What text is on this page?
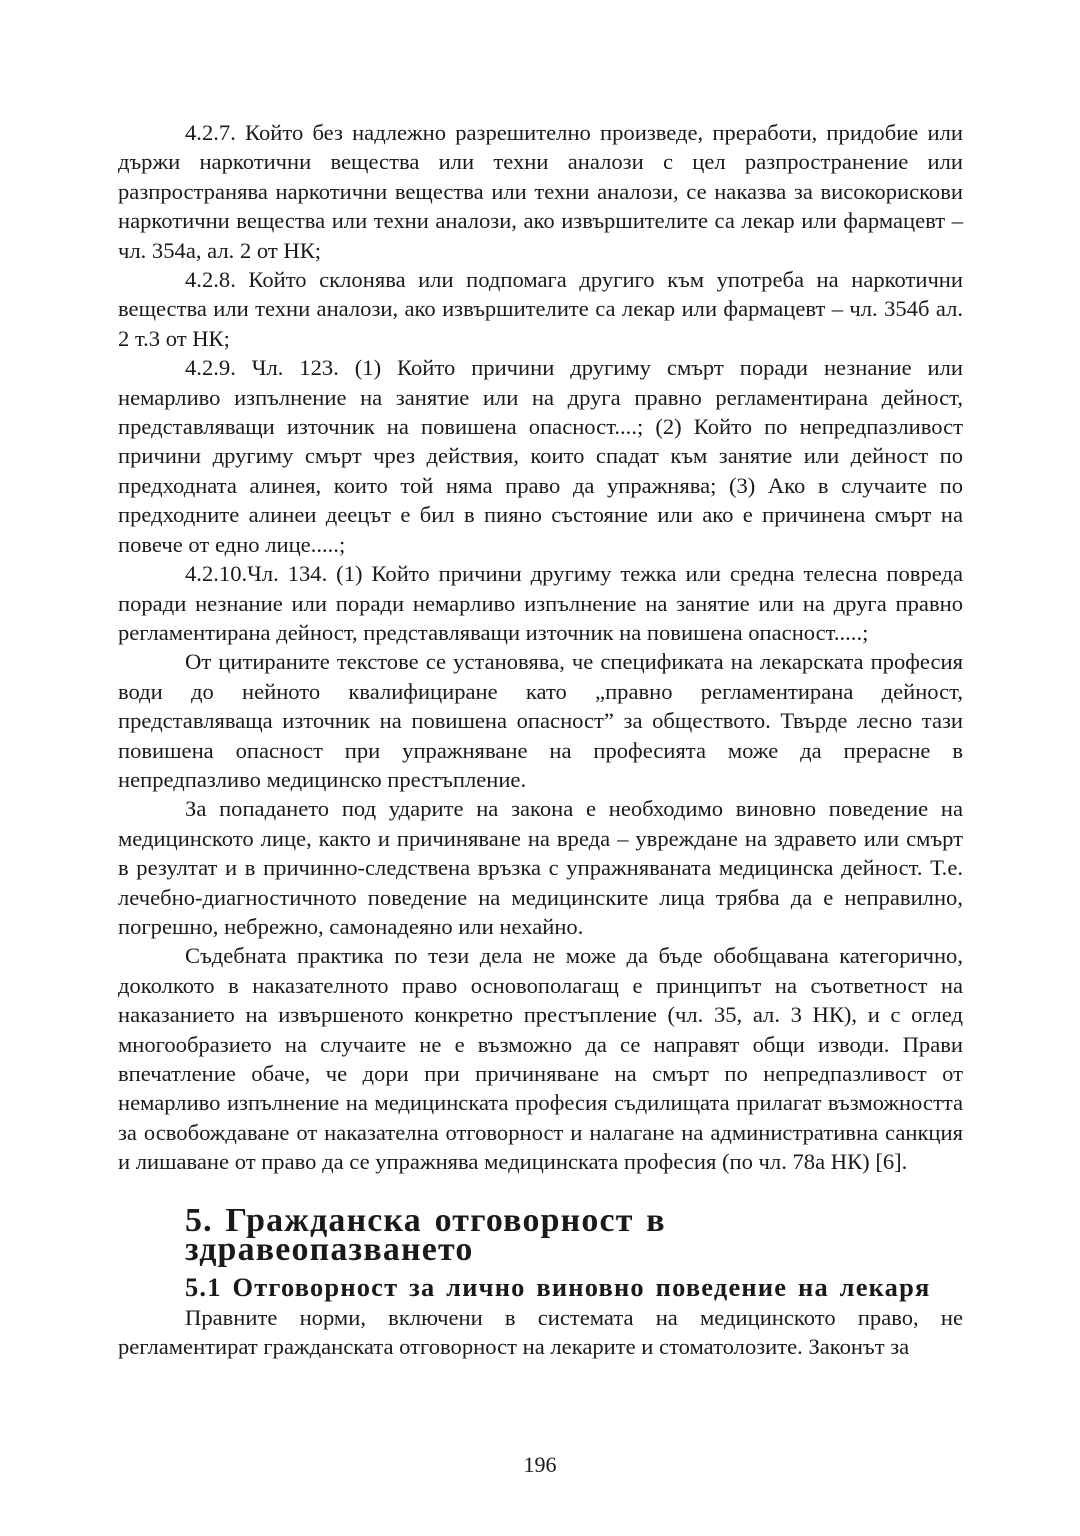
4.2.7. Който без надлежно разрешително произведе, преработи, придобие или държи наркотични вещества или техни аналози с цел разпространение или разпространява наркотични вещества или техни аналози, се наказва за високорискови наркотични вещества или техни аналози, ако извършителите са лекар или фармацевт – чл. 354а, ал. 2 от НК;

4.2.8. Който склонява или подпомага другиго към употреба на наркотични вещества или техни аналози, ако извършителите са лекар или фармацевт – чл. 354б ал. 2 т.3 от НК;

4.2.9. Чл. 123. (1) Който причини другиму смърт поради незнание или немарливо изпълнение на занятие или на друга правно регламентирана дейност, представляващи източник на повишена опасност....; (2) Който по непредпазливост причини другиму смърт чрез действия, които спадат към занятие или дейност по предходната алинея, които той няма право да упражнява; (3) Ако в случаите по предходните алинеи деецът е бил в пияно състояние или ако е причинена смърт на повече от едно лице.....;

4.2.10.Чл. 134. (1) Който причини другиму тежка или средна телесна повреда поради незнание или поради немарливо изпълнение на занятие или на друга правно регламентирана дейност, представляващи източник на повишена опасност.....;

От цитираните текстове се установява, че спецификата на лекарската професия води до нейното квалифициране като „правно регламентирана дейност, представляваща източник на повишена опасност” за обществото. Твърде лесно тази повишена опасност при упражняване на професията може да прерасне в непредпазливо медицинско престъпление.

За попадането под ударите на закона е необходимо виновно поведение на медицинското лице, както и причиняване на вреда – увреждане на здравето или смърт в резултат и в причинно-следствена връзка с упражняваната медицинска дейност. Т.е. лечебно-диагностичното поведение на медицинските лица трябва да е неправилно, погрешно, небрежно, самонадеяно или нехайно.

Съдебната практика по тези дела не може да бъде обобщавана категорично, доколкото в наказателното право основополагащ е принципът на съответност на наказанието на извършеното конкретно престъпление (чл. 35, ал. 3 НК), и с оглед многообразието на случаите не е възможно да се направят общи изводи. Прави впечатление обаче, че дори при причиняване на смърт по непредпазливост от немарливо изпълнение на медицинската професия съдилищата прилагат възможността за освобождаване от наказателна отговорност и налагане на административна санкция и лишаване от право да се упражнява медицинската професия (по чл. 78а НК) [6].

5. Гражданска отговорност в здравеопазването
5.1 Отговорност за лично виновно поведение на лекаря

Правните норми, включени в системата на медицинското право, не регламентират гражданската отговорност на лекарите и стоматолозите. Законът за

196
